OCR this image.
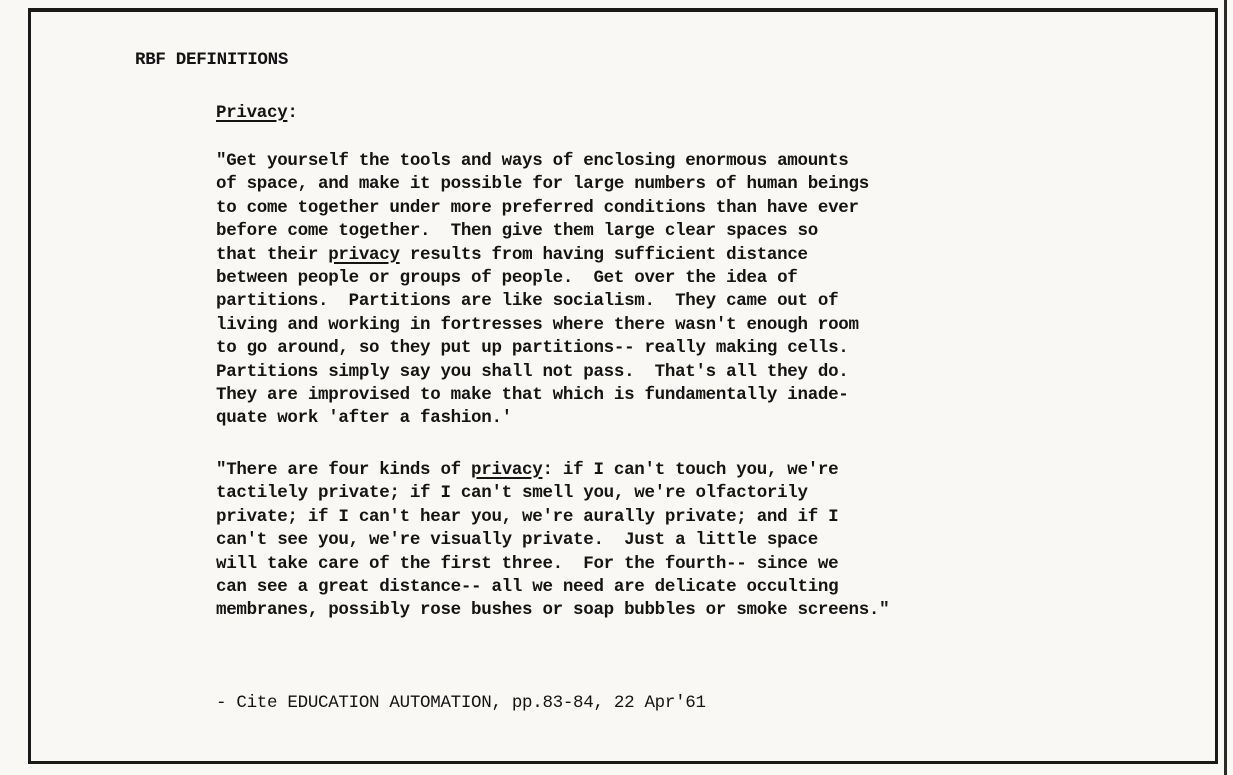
RBF DEFINITIONS
Privacy:
"Get yourself the tools and ways of enclosing enormous amounts
of space, and make it possible for large numbers of human beings
to come together under more preferred conditions than have ever
before come together.  Then give them large clear spaces so
that their privacy results from having sufficient distance
between people or groups of people.  Get over the idea of
partitions.  Partitions are like socialism.  They came out of
living and working in fortresses where there wasn't enough room
to go around, so they put up partitions-- really making cells.
Partitions simply say you shall not pass.  That's all they do.
They are improvised to make that which is fundamentally inade-
quate work 'after a fashion.'
"There are four kinds of privacy: if I can't touch you, we're
tactilely private; if I can't smell you, we're olfactorily
private; if I can't hear you, we're aurally private; and if I
can't see you, we're visually private.  Just a little space
will take care of the first three.  For the fourth-- since we
can see a great distance-- all we need are delicate occulting
membranes, possibly rose bushes or soap bubbles or smoke screens."
- Cite EDUCATION AUTOMATION, pp.83-84, 22 Apr'61
